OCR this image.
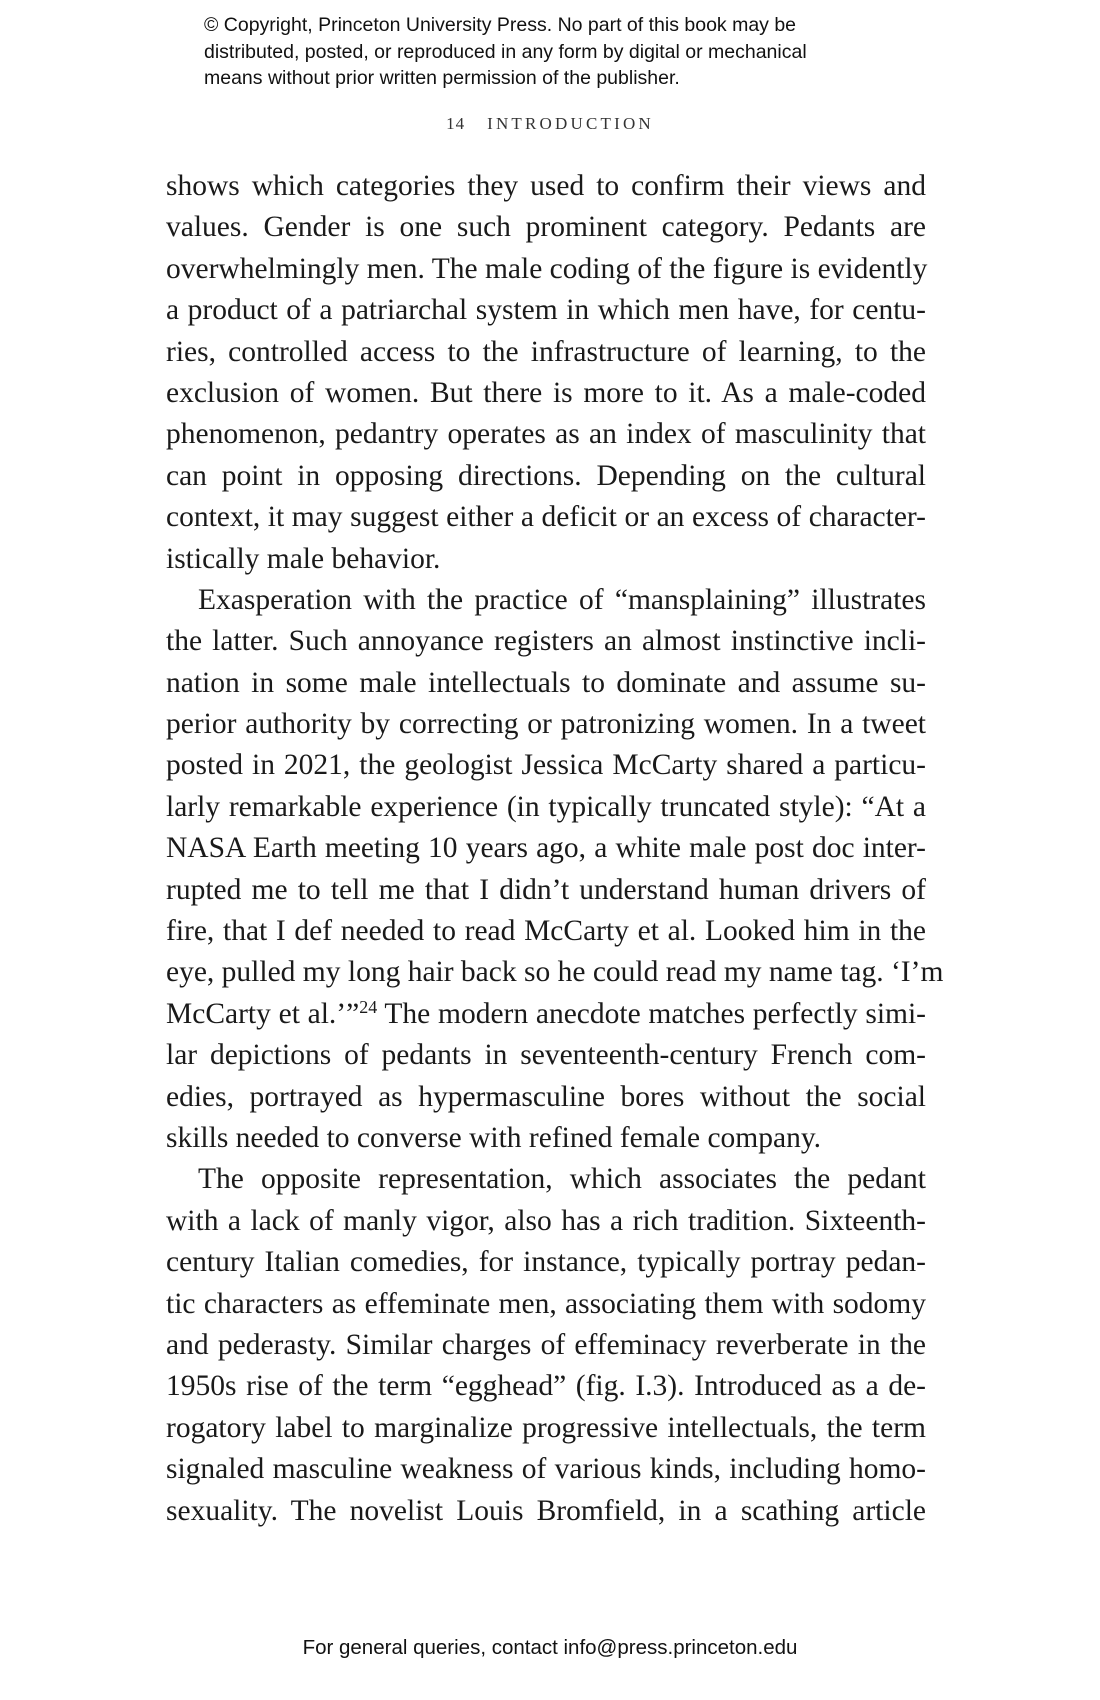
© Copyright, Princeton University Press. No part of this book may be
distributed, posted, or reproduced in any form by digital or mechanical
means without prior written permission of the publisher.
14 INTRODUCTION
shows which categories they used to confirm their views and
values. Gender is one such prominent category. Pedants are
overwhelmingly men. The male coding of the figure is evidently
a product of a patriarchal system in which men have, for centu-
ries, controlled access to the infrastructure of learning, to the
exclusion of women. But there is more to it. As a male-coded
phenomenon, pedantry operates as an index of masculinity that
can point in opposing directions. Depending on the cultural
context, it may suggest either a deficit or an excess of character-
istically male behavior.
Exasperation with the practice of “mansplaining” illustrates
the latter. Such annoyance registers an almost instinctive incli-
nation in some male intellectuals to dominate and assume su-
perior authority by correcting or patronizing women. In a tweet
posted in 2021, the geologist Jessica McCarty shared a particu-
larly remarkable experience (in typically truncated style): “At a
NASA Earth meeting 10 years ago, a white male post doc inter-
rupted me to tell me that I didn’t understand human drivers of
fire, that I def needed to read McCarty et al. Looked him in the
eye, pulled my long hair back so he could read my name tag. ‘I’m
McCarty et al.’”$^{24}$ The modern anecdote matches perfectly simi-
lar depictions of pedants in seventeenth-century French com-
edies, portrayed as hypermasculine bores without the social
skills needed to converse with refined female company.
The opposite representation, which associates the pedant
with a lack of manly vigor, also has a rich tradition. Sixteenth-
century Italian comedies, for instance, typically portray pedan-
tic characters as effeminate men, associating them with sodomy
and pederasty. Similar charges of effeminacy reverberate in the
1950s rise of the term “egghead” (fig. I.3). Introduced as a de-
rogatory label to marginalize progressive intellectuals, the term
signaled masculine weakness of various kinds, including homo-
sexuality. The novelist Louis Bromfield, in a scathing article
For general queries, contact info@press.princeton.edu
